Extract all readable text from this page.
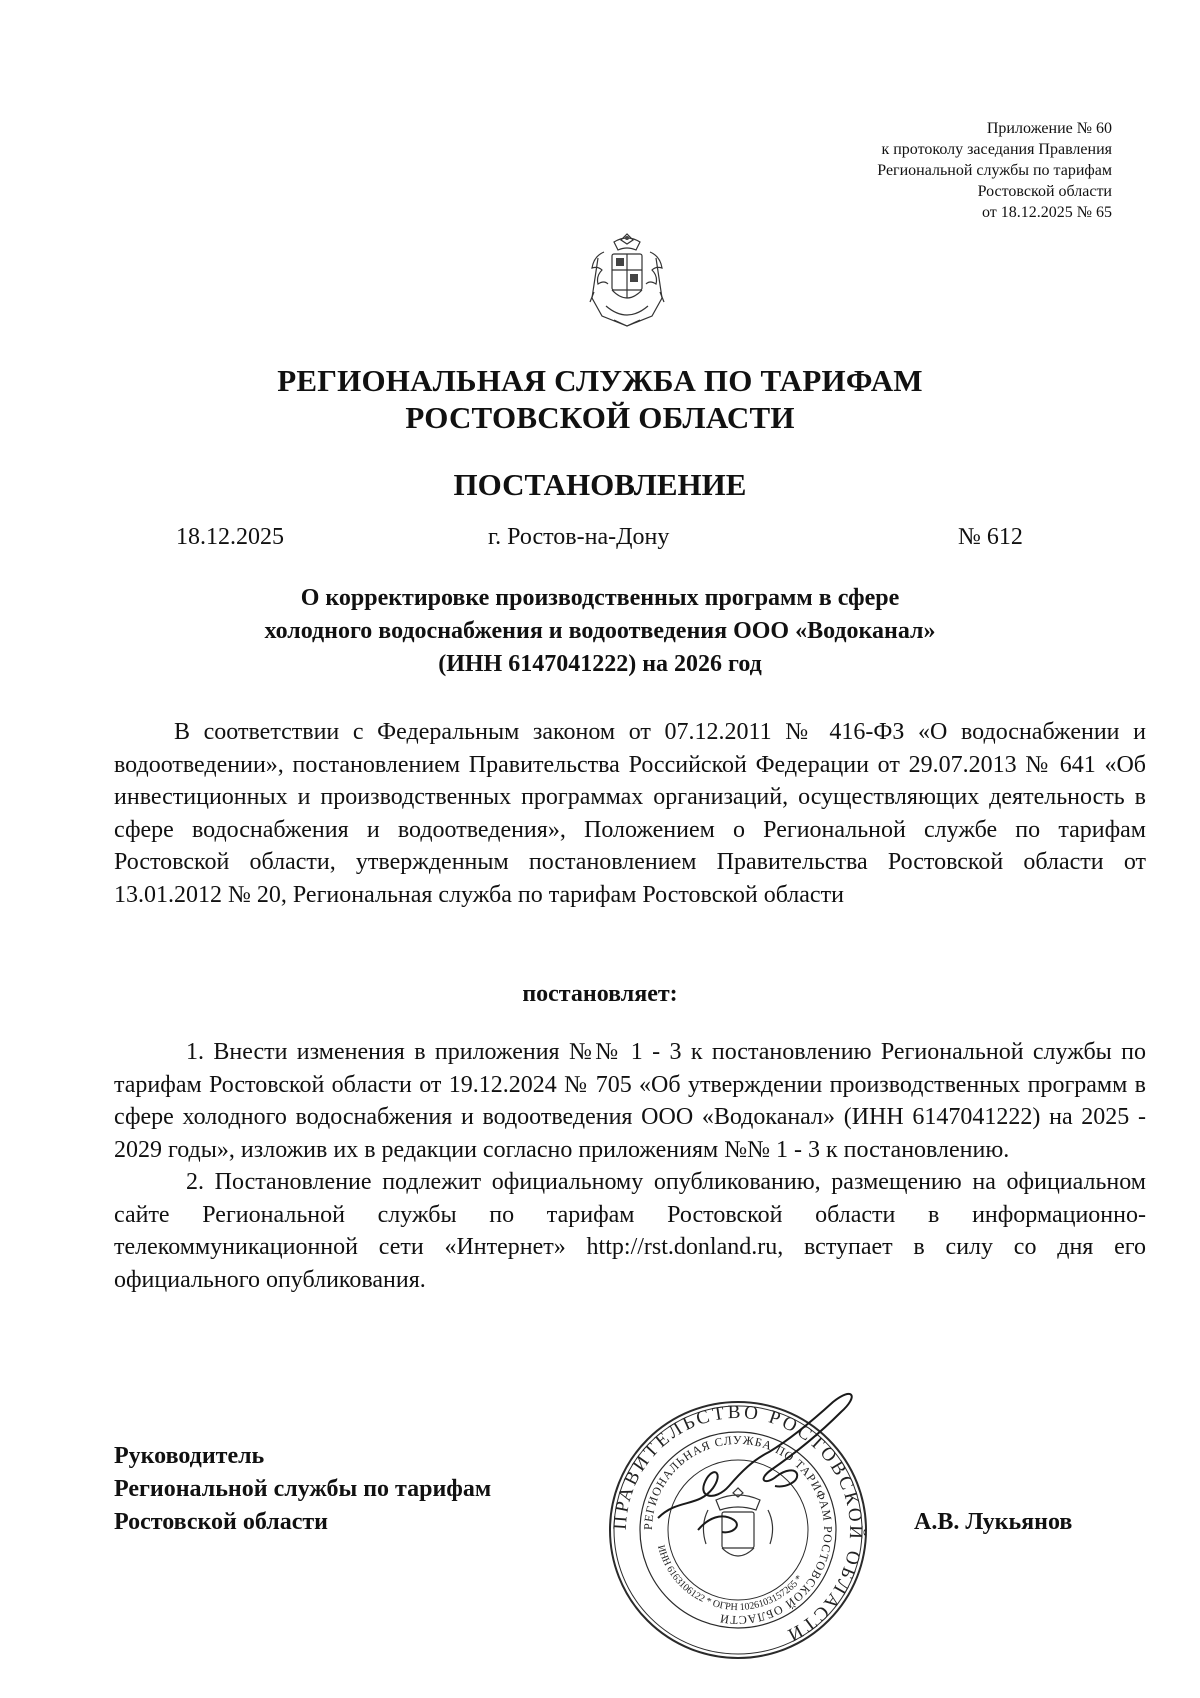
Приложение № 60
к протоколу заседания Правления
Региональной службы по тарифам
Ростовской области
от 18.12.2025 № 65
РЕГИОНАЛЬНАЯ СЛУЖБА ПО ТАРИФАМ
РОСТОВСКОЙ ОБЛАСТИ
ПОСТАНОВЛЕНИЕ
18.12.2025	г. Ростов-на-Дону	№ 612
О корректировке производственных программ в сфере
холодного водоснабжения и водоотведения ООО «Водоканал»
(ИНН 6147041222) на 2026 год
В соответствии с Федеральным законом от 07.12.2011 № 416-ФЗ «О водоснабжении и водоотведении», постановлением Правительства Российской Федерации от 29.07.2013 № 641 «Об инвестиционных и производственных программах организаций, осуществляющих деятельность в сфере водоснабжения и водоотведения», Положением о Региональной службе по тарифам Ростовской области, утвержденным постановлением Правительства Ростовской области от 13.01.2012 № 20, Региональная служба по тарифам Ростовской области
постановляет:

1. Внести изменения в приложения №№ 1 - 3 к постановлению Региональной службы по тарифам Ростовской области от 19.12.2024 № 705 «Об утверждении производственных программ в сфере холодного водоснабжения и водоотведения ООО «Водоканал» (ИНН 6147041222) на 2025 - 2029 годы», изложив их в редакции согласно приложениям №№ 1 - 3 к постановлению.

2. Постановление подлежит официальному опубликованию, размещению на официальном сайте Региональной службы по тарифам Ростовской области в информационно-телекоммуникационной сети «Интернет» http://rst.donland.ru, вступает в силу со дня его официального опубликования.

Руководитель
Региональной службы по тарифам
Ростовской области	А.В. Лукьянов
ПРАВИТЕЛЬСТВО РОСТОВСКОЙ ОБЛАСТИ
РЕГИОНАЛЬНАЯ СЛУЖБА ПО ТАРИФАМ РОСТОВСКОЙ ОБЛАСТИ
ИНН 6163106122 * ОГРН 1026103157265 *
